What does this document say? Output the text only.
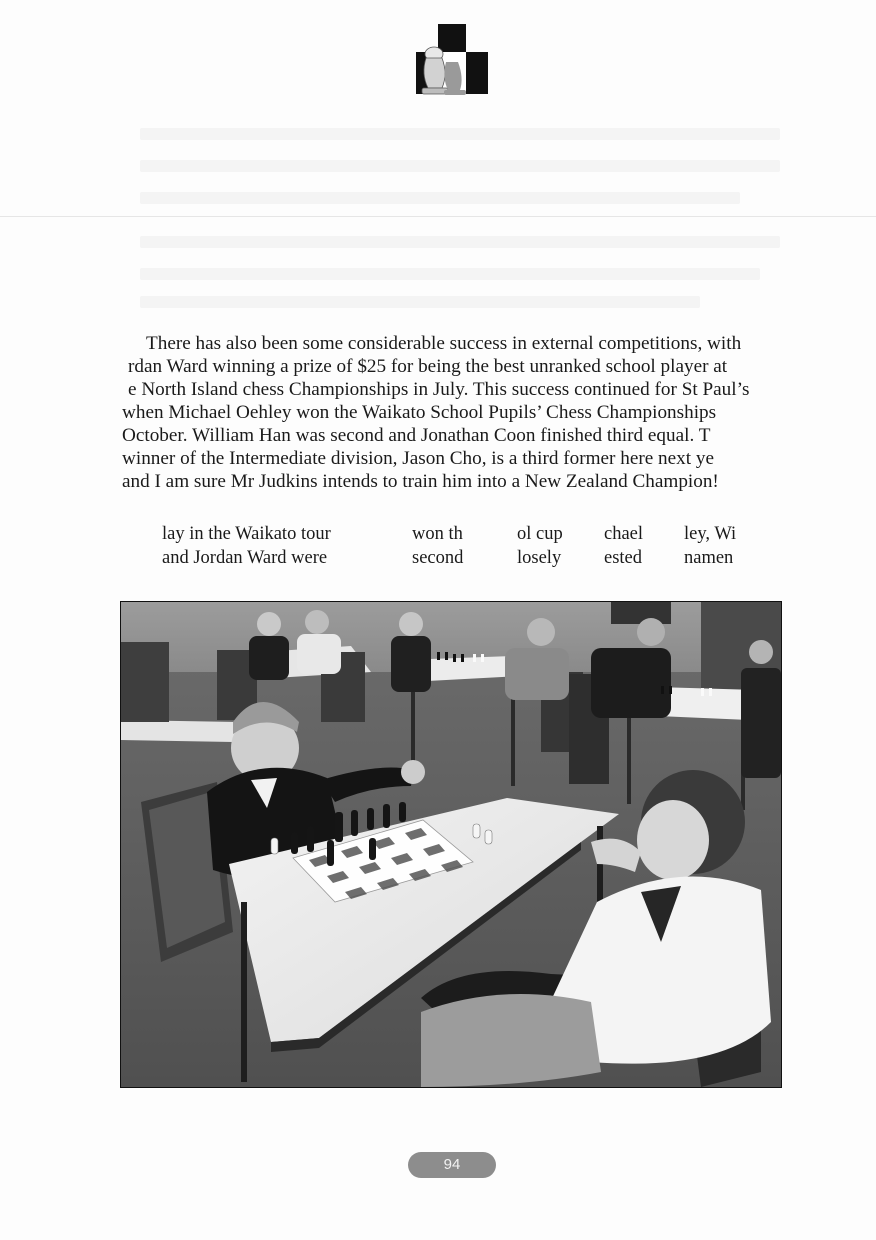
There has also been some considerable success in external competitions, with
rdan Ward winning a prize of $25 for being the best unranked school player at
e North Island chess Championships in July. This success continued for St Paul’s
when Michael Oehley won the Waikato School Pupils’ Chess Championships
October. William Han was second and Jonathan Coon finished third equal. T
winner of the Intermediate division, Jason Cho, is a third former here next ye
and I am sure Mr Judkins intends to train him into a New Zealand Champion!
lay in the Waikato tour
and Jordan Ward were
won th
second
ol cup
losely
chael
ested
ley, Wi
namen
94
